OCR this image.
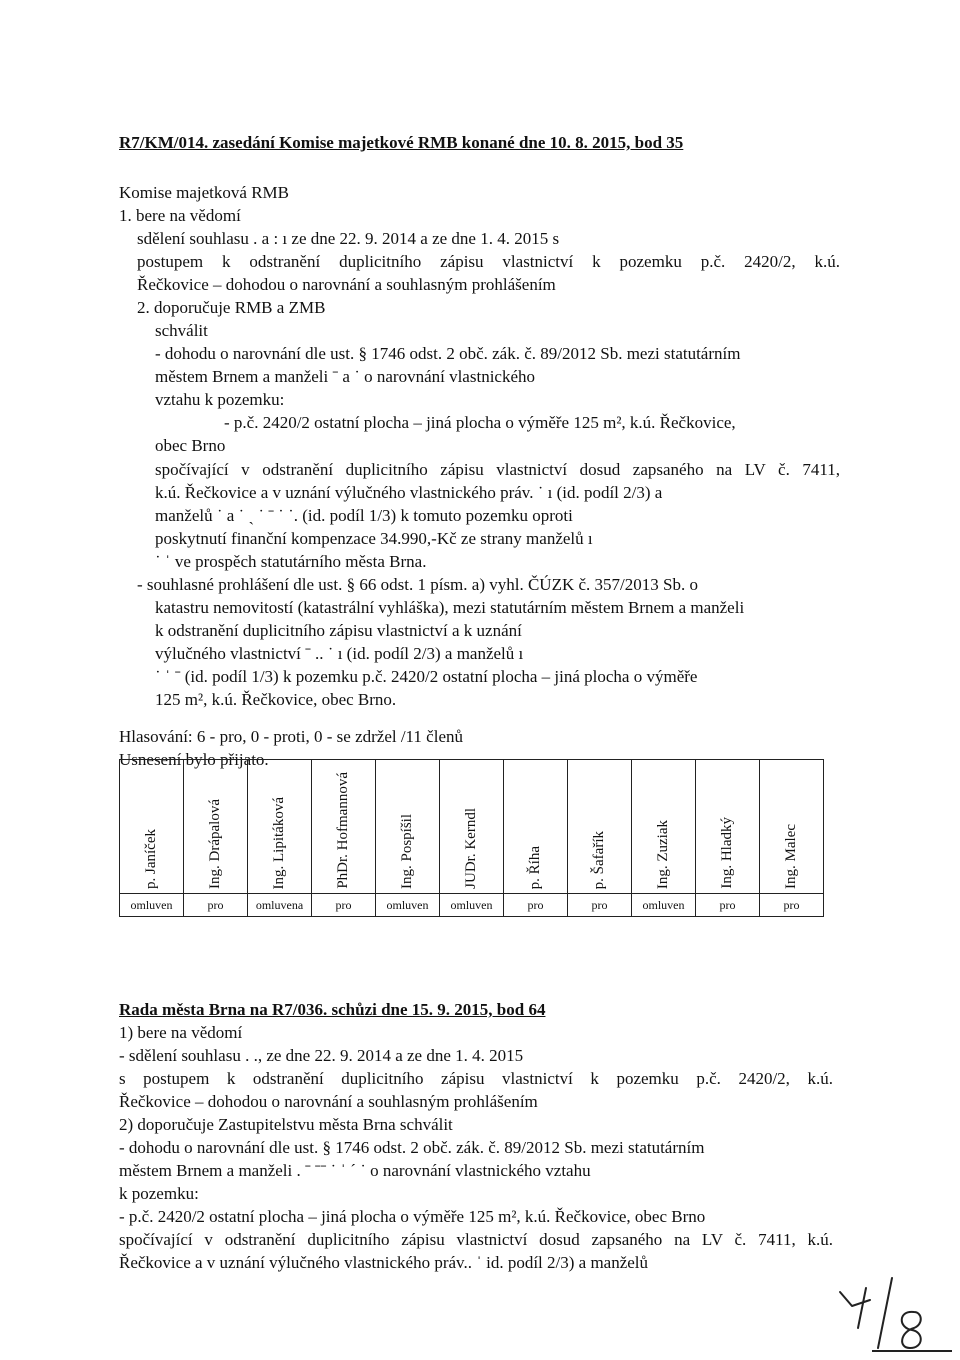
R7/KM/014. zasedání Komise majetkové RMB konané dne 10. 8. 2015, bod 35
Komise majetková RMB
1. bere na vědomí
sdělení souhlasu . a : ı ze dne 22. 9. 2014 a ze dne 1. 4. 2015 s
postupem k odstranění duplicitního zápisu vlastnictví k pozemku p.č. 2420/2, k.ú.
Řečkovice – dohodou o narovnání a souhlasným prohlášením
2. doporučuje RMB a ZMB
schválit
- dohodu o narovnání dle ust. § 1746 odst. 2 obč. zák. č. 89/2012 Sb. mezi statutárním
městem Brnem a manželi ˉ a ˙ o narovnání vlastnického
vztahu k pozemku:
- p.č. 2420/2 ostatní plocha – jiná plocha o výměře 125 m², k.ú. Řečkovice,
obec Brno
spočívající v odstranění duplicitního zápisu vlastnictví dosud zapsaného na LV č. 7411,
k.ú. Řečkovice a v uznání výlučného vlastnického práv. ˙ ı (id. podíl 2/3) a
manželů ˙ a ˙ ˏ ˙ ˉ ˙ ˙. (id. podíl 1/3) k tomuto pozemku oproti
poskytnutí finanční kompenzace 34.990,-Kč ze strany manželů ı
˙ ˈ ve prospěch statutárního města Brna.
- souhlasné prohlášení dle ust. § 66 odst. 1 písm. a) vyhl. ČÚZK č. 357/2013 Sb. o
katastru nemovitostí (katastrální vyhláška), mezi statutárním městem Brnem a manželi
k odstranění duplicitního zápisu vlastnictví a k uznání
výlučného vlastnictví ˉ .. ˙ ı (id. podíl 2/3) a manželů ı
˙ ˈ ˉ (id. podíl 1/3) k pozemku p.č. 2420/2 ostatní plocha – jiná plocha o výměře
125 m², k.ú. Řečkovice, obec Brno.
Hlasování: 6 - pro, 0 - proti, 0 - se zdržel /11 členů
Usnesení bylo přijato.
p. Janíček	Ing. Drápalová	Ing. Lipitáková	PhDr. Hofmannová	Ing. Pospíšil	JUDr. Kerndl	p. Říha	p. Šafařík	Ing. Zuziak	Ing. Hladký	Ing. Malec
omluven	pro	omluvena	pro	omluven	omluven	pro	pro	omluven	pro	pro
Rada města Brna na R7/036. schůzi dne 15. 9. 2015, bod 64
1) bere na vědomí
- sdělení souhlasu . ., ze dne 22. 9. 2014 a ze dne 1. 4. 2015
s postupem k odstranění duplicitního zápisu vlastnictví k pozemku p.č. 2420/2, k.ú.
Řečkovice – dohodou o narovnání a souhlasným prohlášením
2) doporučuje Zastupitelstvu města Brna schválit
- dohodu o narovnání dle ust. § 1746 odst. 2 obč. zák. č. 89/2012 Sb. mezi statutárním
městem Brnem a manželi . ˉ ˉˉ ˙ ˈ ˊ ˙ o narovnání vlastnického vztahu
k pozemku:
- p.č. 2420/2 ostatní plocha – jiná plocha o výměře 125 m², k.ú. Řečkovice, obec Brno
spočívající v odstranění duplicitního zápisu vlastnictví dosud zapsaného na LV č. 7411, k.ú.
Řečkovice a v uznání výlučného vlastnického práv.. ˈ id. podíl 2/3) a manželů
